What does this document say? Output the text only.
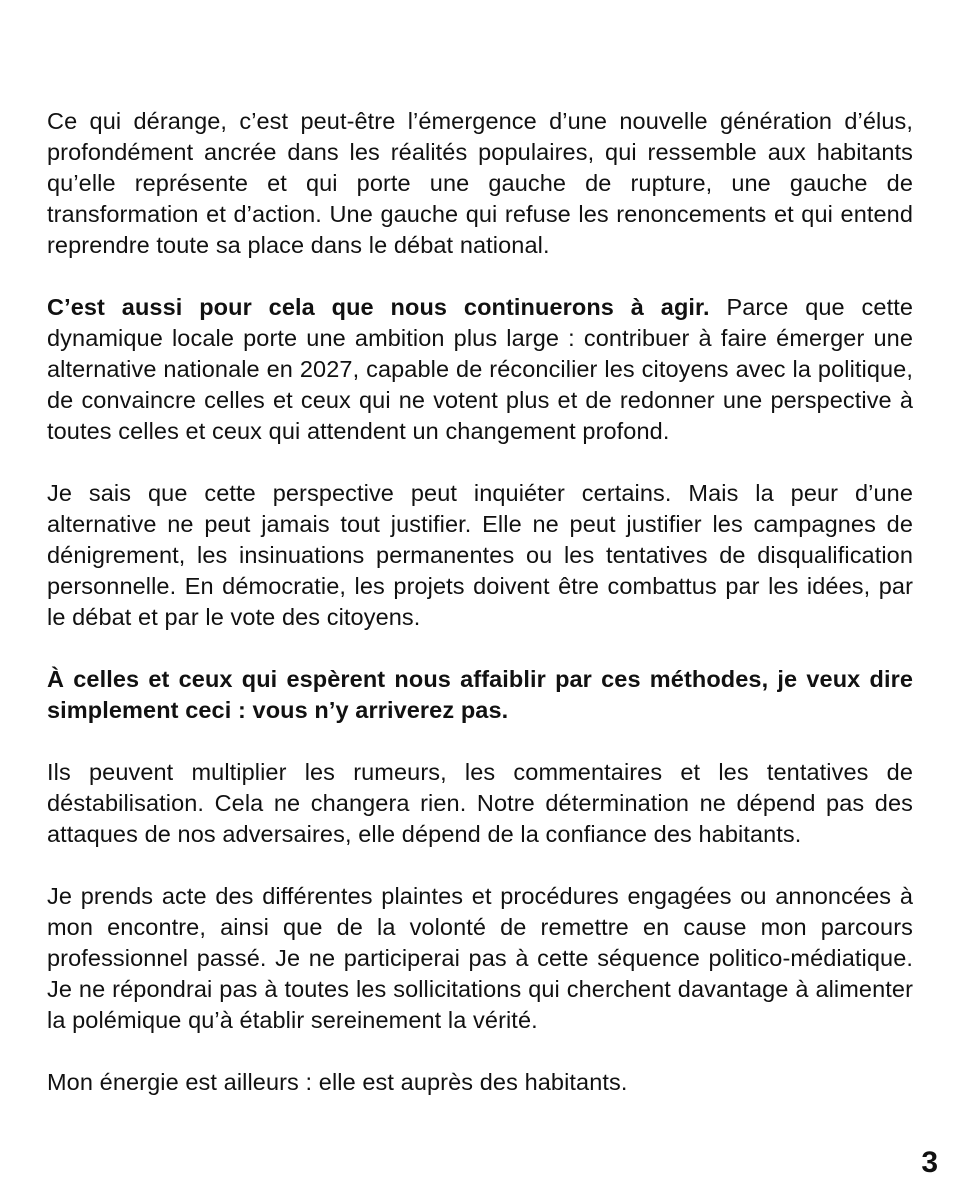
Ce qui dérange, c’est peut-être l’émergence d’une nouvelle génération d’élus, profondément ancrée dans les réalités populaires, qui ressemble aux habitants qu’elle représente et qui porte une gauche de rupture, une gauche de transformation et d’action. Une gauche qui refuse les renoncements et qui entend reprendre toute sa place dans le débat national.

C’est aussi pour cela que nous continuerons à agir. Parce que cette dynamique locale porte une ambition plus large : contribuer à faire émerger une alternative nationale en 2027, capable de réconcilier les citoyens avec la politique, de convaincre celles et ceux qui ne votent plus et de redonner une perspective à toutes celles et ceux qui attendent un changement profond.

Je sais que cette perspective peut inquiéter certains. Mais la peur d’une alternative ne peut jamais tout justifier. Elle ne peut justifier les campagnes de dénigrement, les insinuations permanentes ou les tentatives de disqualification personnelle. En démocratie, les projets doivent être combattus par les idées, par le débat et par le vote des citoyens.

À celles et ceux qui espèrent nous affaiblir par ces méthodes, je veux dire simplement ceci : vous n’y arriverez pas.

Ils peuvent multiplier les rumeurs, les commentaires et les tentatives de déstabilisation. Cela ne changera rien. Notre détermination ne dépend pas des attaques de nos adversaires, elle dépend de la confiance des habitants.

Je prends acte des différentes plaintes et procédures engagées ou annoncées à mon encontre, ainsi que de la volonté de remettre en cause mon parcours professionnel passé. Je ne participerai pas à cette séquence politico-médiatique. Je ne répondrai pas à toutes les sollicitations qui cherchent davantage à alimenter la polémique qu’à établir sereinement la vérité.

Mon énergie est ailleurs : elle est auprès des habitants.

3
